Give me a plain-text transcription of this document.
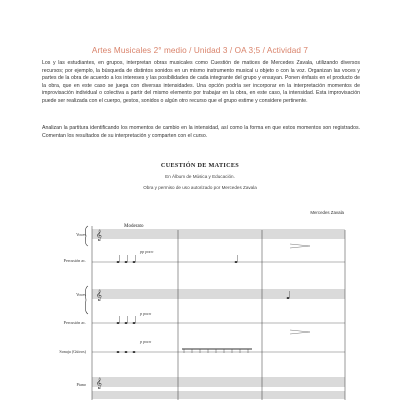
Artes Musicales 2° medio / Unidad 3 / OA 3;5 / Actividad 7
Los y las estudiantes, en grupos, interpretan obras musicales como Cuestión de matices de Mercedes Zavala, utilizando diversos recursos; por ejemplo, la búsqueda de distintos sonidos en un mismo instrumento musical u objeto o con la voz. Organizan las voces y partes de la obra de acuerdo a los intereses y las posibilidades de cada integrante del grupo y ensayan. Ponen énfasis en el producto de la obra, que en este caso se juega con diversas intensidades. Una opción podría ser incorporar en la interpretación momentos de improvisación individual o colectiva a partir del mismo elemento por trabajar en la obra, en este caso, la intensidad. Esta improvisación puede ser realizada con el cuerpo, gestos, sonidos o algún otro recurso que el grupo estime y considere pertinente.
Analizan la partitura identificando los momentos de cambio en la intensidad, así como la forma en que estos momentos son registrados. Comentan los resultados de su interpretación y comparten con el curso.
CUESTIÓN DE MATICES
En Álbum de Música y Educación.
Obra y permiso de uso autorizado por Mercedes Zavala
Mercedes Zavala
Moderato
Voces
Percusión ac.
Voces
Percusión ac.
Sonaja (Güiros)
Piano
pp poco
p poco
p poco
𝄞
𝄞
𝄞
